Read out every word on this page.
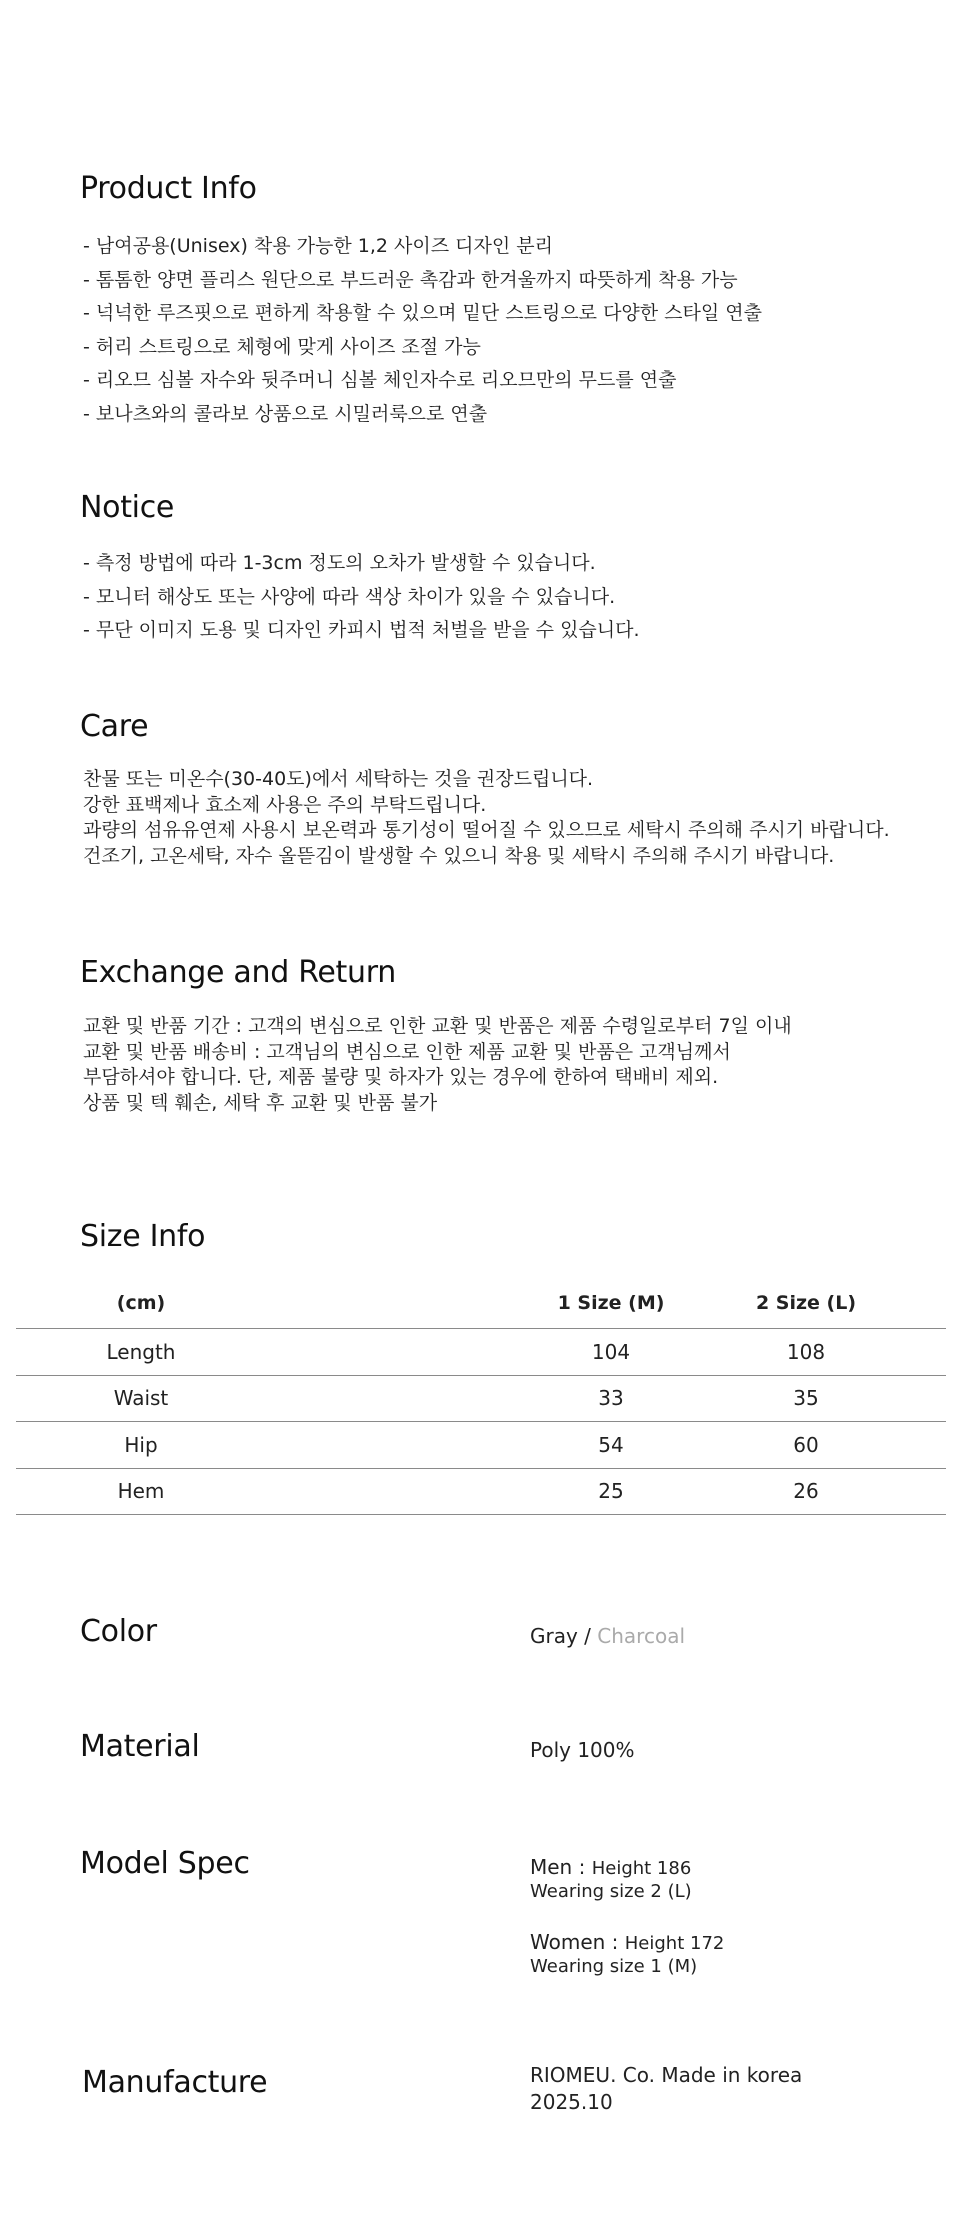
Product Info
- 남여공용(Unisex) 착용 가능한 1,2 사이즈 디자인 분리
- 톰톰한 양면 플리스 원단으로 부드러운 촉감과 한겨울까지 따뜻하게 착용 가능
- 넉넉한 루즈핏으로 편하게 착용할 수 있으며 밑단 스트링으로 다양한 스타일 연출
- 허리 스트링으로 체형에 맞게 사이즈 조절 가능
- 리오므 심볼 자수와 뒷주머니 심볼 체인자수로 리오므만의 무드를 연출
- 보나츠와의 콜라보 상품으로 시밀러룩으로 연출
Notice
- 측정 방법에 따라 1-3cm 정도의 오차가 발생할 수 있습니다.
- 모니터 해상도 또는 사양에 따라 색상 차이가 있을 수 있습니다.
- 무단 이미지 도용 및 디자인 카피시 법적 처벌을 받을 수 있습니다.
Care
찬물 또는 미온수(30-40도)에서 세탁하는 것을 권장드립니다.
강한 표백제나 효소제 사용은 주의 부탁드립니다.
과량의 섬유유연제 사용시 보온력과 통기성이 떨어질 수 있으므로 세탁시 주의해 주시기 바랍니다.
건조기, 고온세탁, 자수 올뜯김이 발생할 수 있으니 착용 및 세탁시 주의해 주시기 바랍니다.
Exchange and Return
교환 및 반품 기간 : 고객의 변심으로 인한 교환 및 반품은 제품 수령일로부터 7일 이내
교환 및 반품 배송비 : 고객님의 변심으로 인한 제품 교환 및 반품은 고객님께서
부담하셔야 합니다. 단, 제품 불량 및 하자가 있는 경우에 한하여 택배비 제외.
상품 및 텍 훼손, 세탁 후 교환 및 반품 불가
Size Info
(cm)		1 Size (M)	2 Size (L)	
Length		104	108	
Waist		33	35	
Hip		54	60	
Hem		25	26	
Color	Gray / Charcoal
Material	Poly 100%
Model Spec	Men : Height 186
Wearing size 2 (L)
Women : Height 172
Wearing size 1 (M)
Manufacture	RIOMEU. Co. Made in korea
2025.10
